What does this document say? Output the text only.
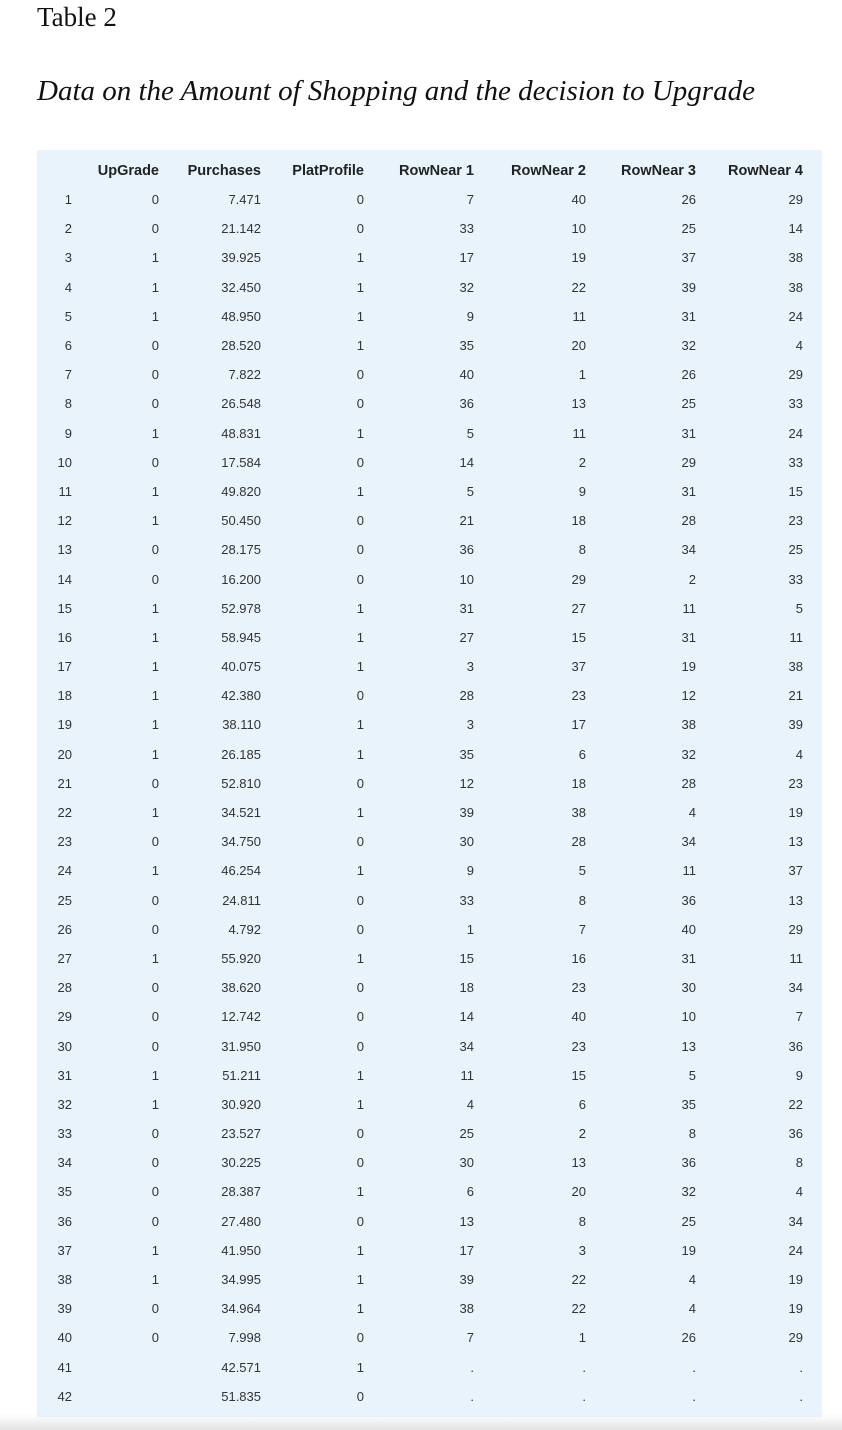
Table 2
Data on the Amount of Shopping and the decision to Upgrade
	UpGrade	Purchases	PlatProfile	RowNear 1	RowNear 2	RowNear 3	RowNear 4
1	0	7.471	0	7	40	26	29
2	0	21.142	0	33	10	25	14
3	1	39.925	1	17	19	37	38
4	1	32.450	1	32	22	39	38
5	1	48.950	1	9	11	31	24
6	0	28.520	1	35	20	32	4
7	0	7.822	0	40	1	26	29
8	0	26.548	0	36	13	25	33
9	1	48.831	1	5	11	31	24
10	0	17.584	0	14	2	29	33
11	1	49.820	1	5	9	31	15
12	1	50.450	0	21	18	28	23
13	0	28.175	0	36	8	34	25
14	0	16.200	0	10	29	2	33
15	1	52.978	1	31	27	11	5
16	1	58.945	1	27	15	31	11
17	1	40.075	1	3	37	19	38
18	1	42.380	0	28	23	12	21
19	1	38.110	1	3	17	38	39
20	1	26.185	1	35	6	32	4
21	0	52.810	0	12	18	28	23
22	1	34.521	1	39	38	4	19
23	0	34.750	0	30	28	34	13
24	1	46.254	1	9	5	11	37
25	0	24.811	0	33	8	36	13
26	0	4.792	0	1	7	40	29
27	1	55.920	1	15	16	31	11
28	0	38.620	0	18	23	30	34
29	0	12.742	0	14	40	10	7
30	0	31.950	0	34	23	13	36
31	1	51.211	1	11	15	5	9
32	1	30.920	1	4	6	35	22
33	0	23.527	0	25	2	8	36
34	0	30.225	0	30	13	36	8
35	0	28.387	1	6	20	32	4
36	0	27.480	0	13	8	25	34
37	1	41.950	1	17	3	19	24
38	1	34.995	1	39	22	4	19
39	0	34.964	1	38	22	4	19
40	0	7.998	0	7	1	26	29
41		42.571	1	.	.	.	.
42		51.835	0	.	.	.	.
